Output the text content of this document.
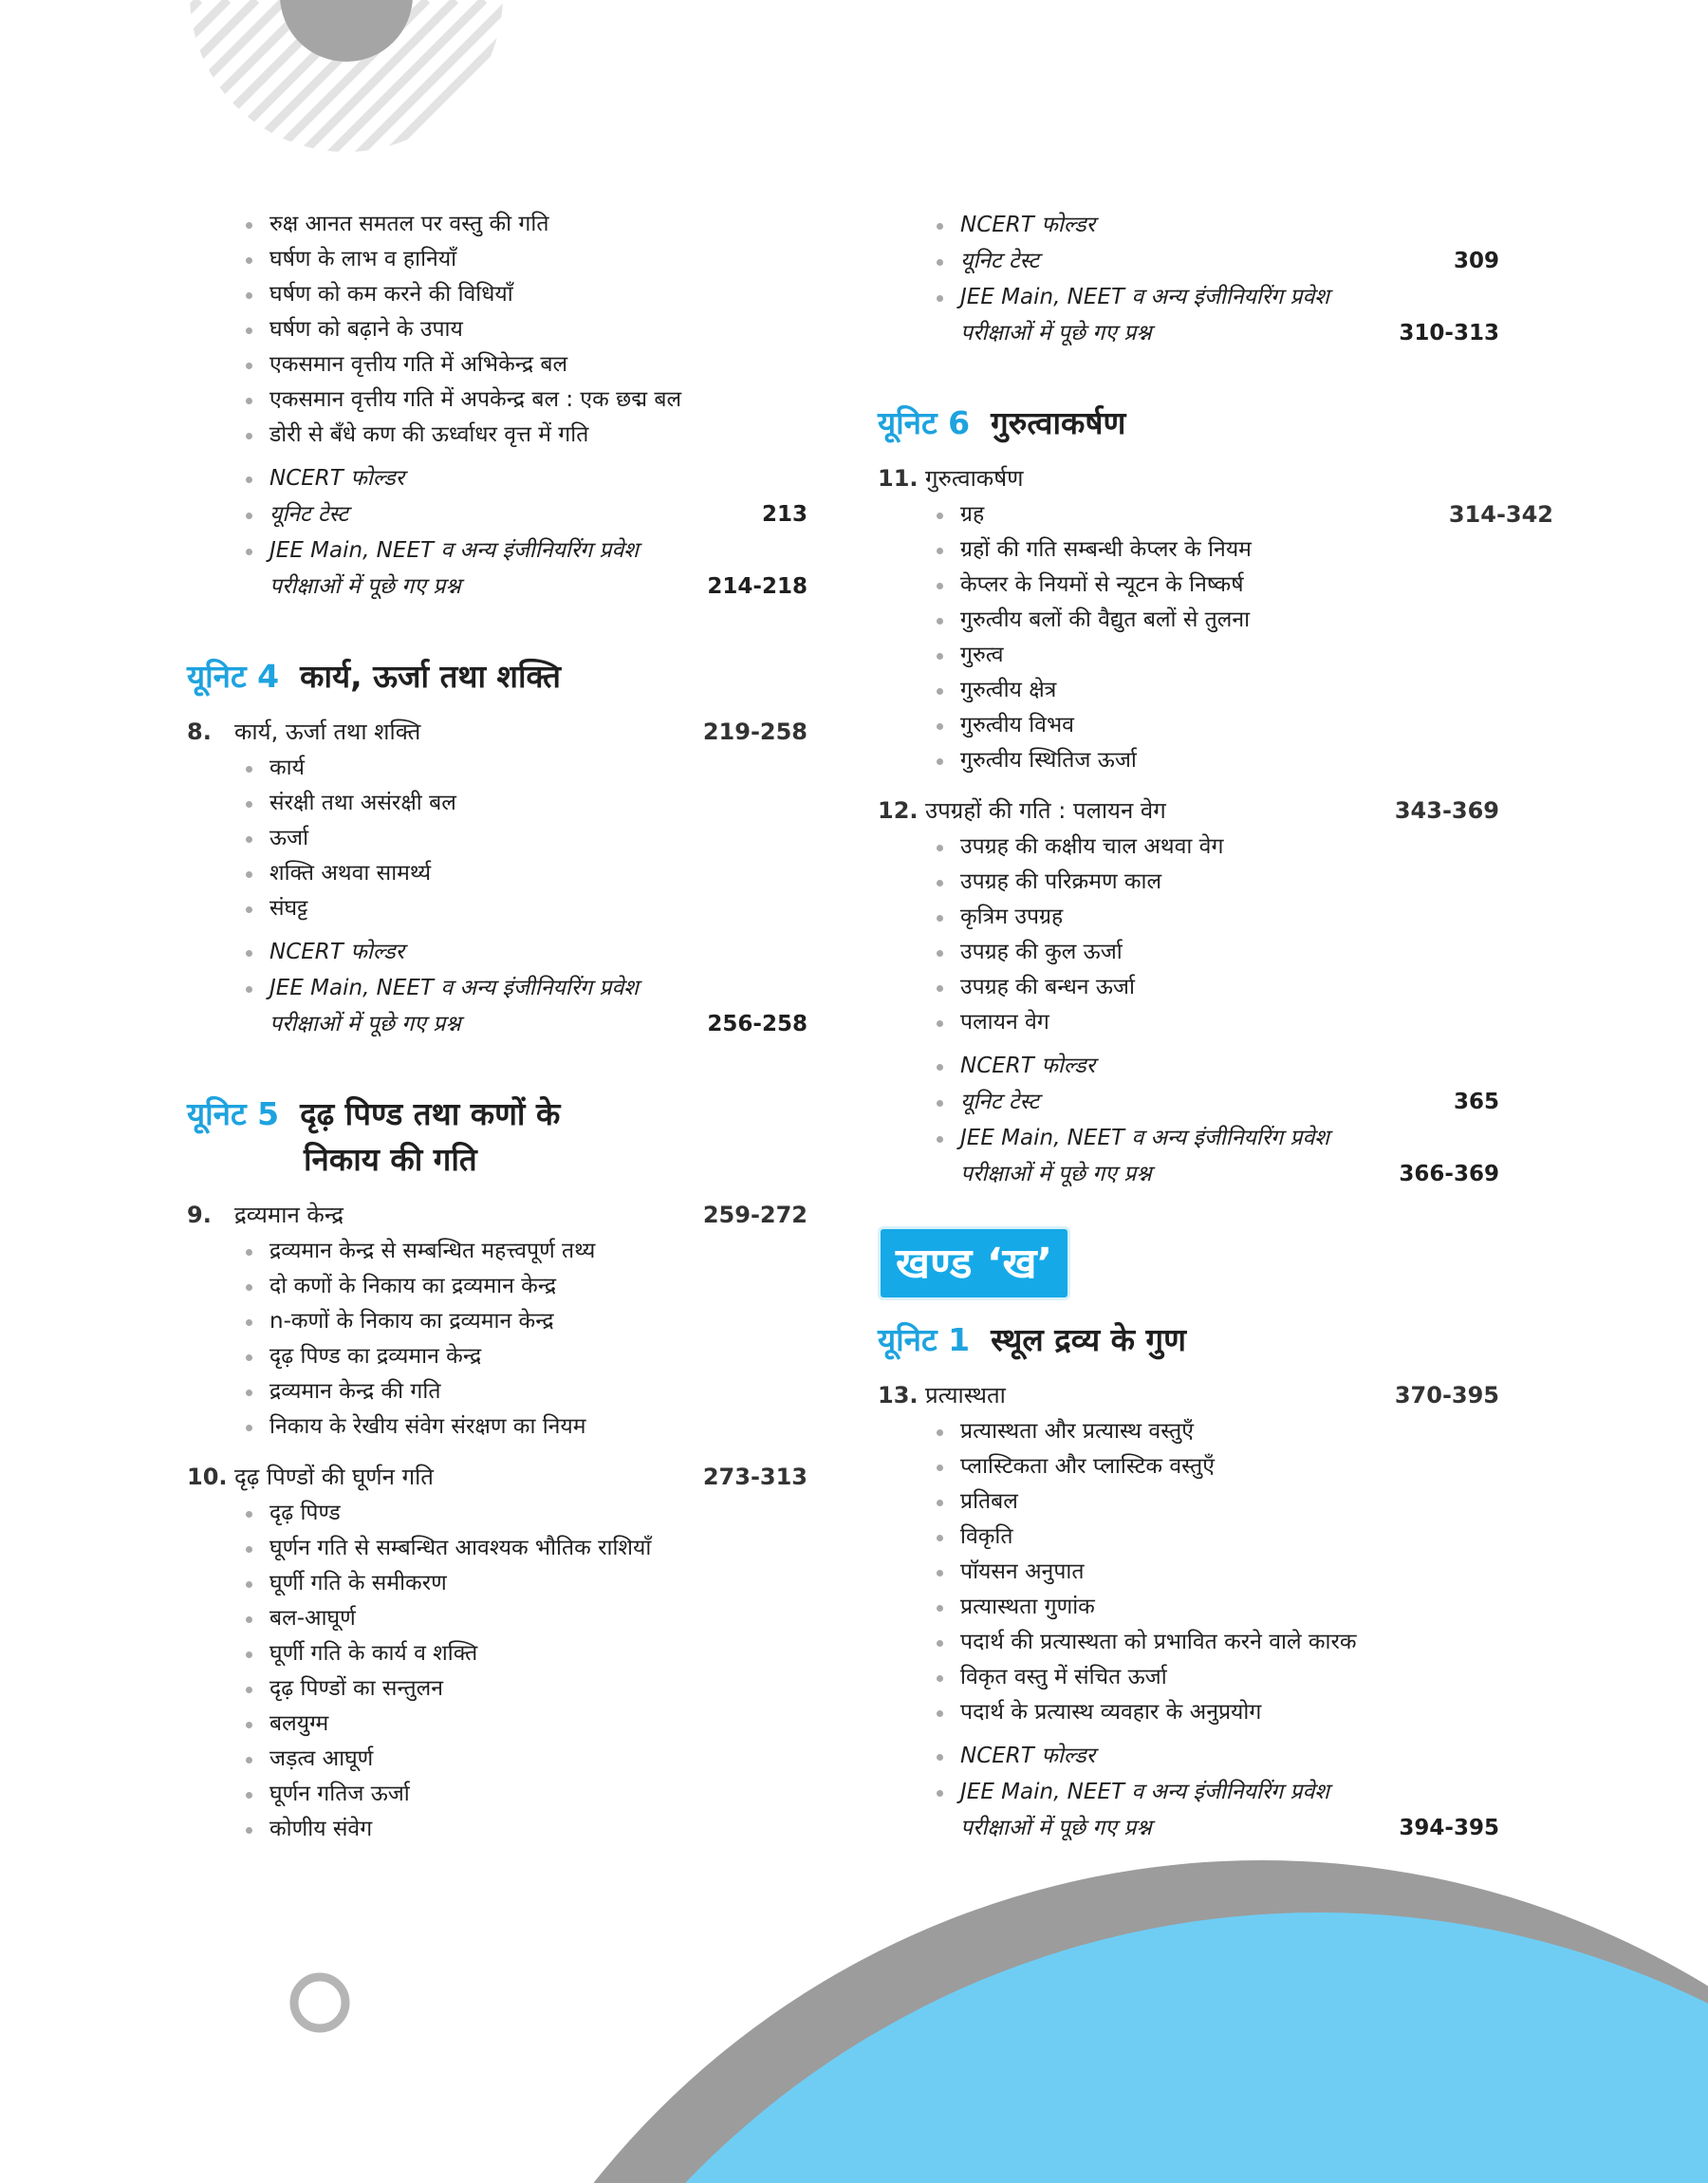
रुक्ष आनत समतल पर वस्तु की गति
घर्षण के लाभ व हानियाँ
घर्षण को कम करने की विधियाँ
घर्षण को बढ़ाने के उपाय
एकसमान वृत्तीय गति में अभिकेन्द्र बल
एकसमान वृत्तीय गति में अपकेन्द्र बल : एक छद्म बल
डोरी से बँधे कण की ऊर्ध्वाधर वृत्त में गति
NCERT फोल्डर
यूनिट टेस्ट	213
JEE Main, NEET व अन्य इंजीनियरिंग प्रवेश
परीक्षाओं में पूछे गए प्रश्न	214-218
यूनिट 4 कार्य, ऊर्जा तथा शक्ति
8. कार्य, ऊर्जा तथा शक्ति	219-258
कार्य
संरक्षी तथा असंरक्षी बल
ऊर्जा
शक्ति अथवा सामर्थ्य
संघट्ट
NCERT फोल्डर
JEE Main, NEET व अन्य इंजीनियरिंग प्रवेश
परीक्षाओं में पूछे गए प्रश्न	256-258
यूनिट 5 दृढ़ पिण्ड तथा कणों के
निकाय की गति
9. द्रव्यमान केन्द्र	259-272
द्रव्यमान केन्द्र से सम्बन्धित महत्त्वपूर्ण तथ्य
दो कणों के निकाय का द्रव्यमान केन्द्र
n-कणों के निकाय का द्रव्यमान केन्द्र
दृढ़ पिण्ड का द्रव्यमान केन्द्र
द्रव्यमान केन्द्र की गति
निकाय के रेखीय संवेग संरक्षण का नियम
10. दृढ़ पिण्डों की घूर्णन गति	273-313
दृढ़ पिण्ड
घूर्णन गति से सम्बन्धित आवश्यक भौतिक राशियाँ
घूर्णी गति के समीकरण
बल-आघूर्ण
घूर्णी गति के कार्य व शक्ति
दृढ़ पिण्डों का सन्तुलन
बलयुग्म
जड़त्व आघूर्ण
घूर्णन गतिज ऊर्जा
कोणीय संवेग
NCERT फोल्डर
यूनिट टेस्ट	309
JEE Main, NEET व अन्य इंजीनियरिंग प्रवेश
परीक्षाओं में पूछे गए प्रश्न	310-313
यूनिट 6 गुरुत्वाकर्षण
11. गुरुत्वाकर्षण
ग्रह	314-342
ग्रहों की गति सम्बन्धी केप्लर के नियम
केप्लर के नियमों से न्यूटन के निष्कर्ष
गुरुत्वीय बलों की वैद्युत बलों से तुलना
गुरुत्व
गुरुत्वीय क्षेत्र
गुरुत्वीय विभव
गुरुत्वीय स्थितिज ऊर्जा
12. उपग्रहों की गति : पलायन वेग	343-369
उपग्रह की कक्षीय चाल अथवा वेग
उपग्रह की परिक्रमण काल
कृत्रिम उपग्रह
उपग्रह की कुल ऊर्जा
उपग्रह की बन्धन ऊर्जा
पलायन वेग
NCERT फोल्डर
यूनिट टेस्ट	365
JEE Main, NEET व अन्य इंजीनियरिंग प्रवेश
परीक्षाओं में पूछे गए प्रश्न	366-369
खण्ड ‘ख’
यूनिट 1 स्थूल द्रव्य के गुण
13. प्रत्यास्थता	370-395
प्रत्यास्थता और प्रत्यास्थ वस्तुएँ
प्लास्टिकता और प्लास्टिक वस्तुएँ
प्रतिबल
विकृति
पॉयसन अनुपात
प्रत्यास्थता गुणांक
पदार्थ की प्रत्यास्थता को प्रभावित करने वाले कारक
विकृत वस्तु में संचित ऊर्जा
पदार्थ के प्रत्यास्थ व्यवहार के अनुप्रयोग
NCERT फोल्डर
JEE Main, NEET व अन्य इंजीनियरिंग प्रवेश
परीक्षाओं में पूछे गए प्रश्न	394-395
